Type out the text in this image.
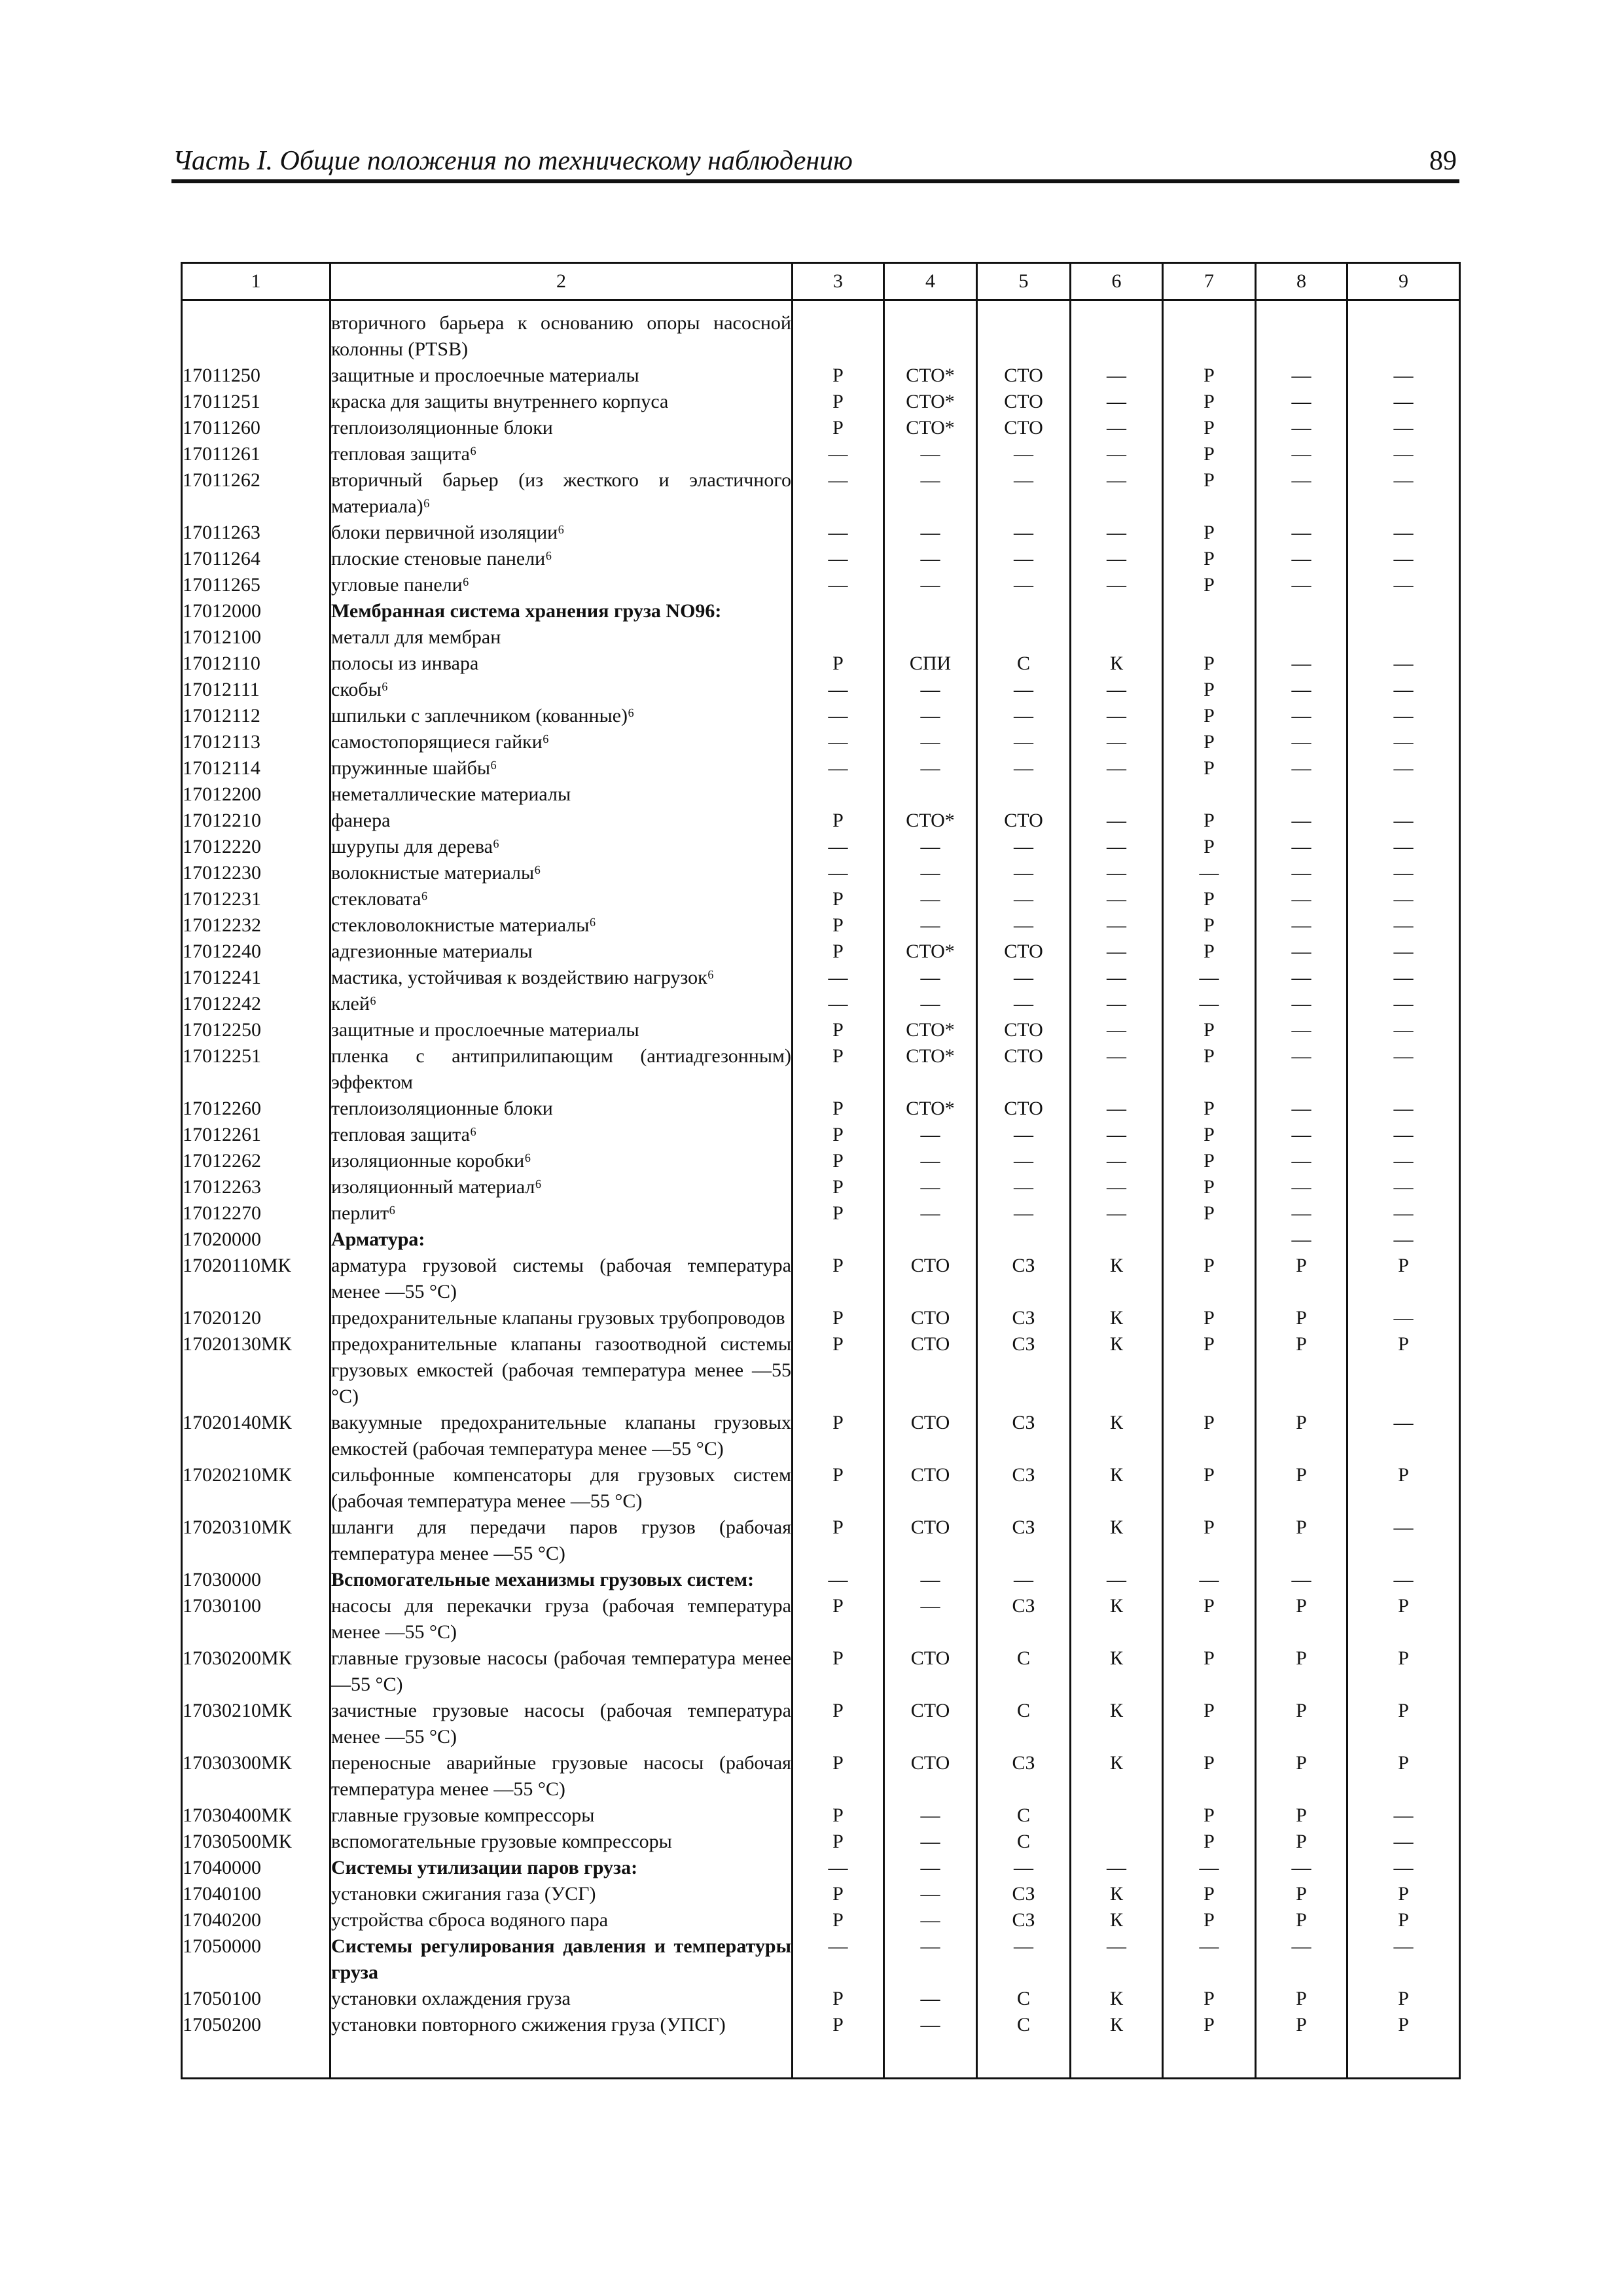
Часть I. Общие положения по техническому наблюдению	89
1	2	3	4	5	6	7	8	9

	вторичного барьера к основанию опоры насосной колонны (PTSB)							
17011250	защитные и прослоечные материалы	Р	СТО*	СТО	—	Р	—	—
17011251	краска для защиты внутреннего корпуса	Р	СТО*	СТО	—	Р	—	—
17011260	теплоизоляционные блоки	Р	СТО*	СТО	—	Р	—	—
17011261	тепловая защита⁶	—	—	—	—	Р	—	—
17011262	вторичный барьер (из жесткого и эластичного материала)⁶	—	—	—	—	Р	—	—
17011263	блоки первичной изоляции⁶	—	—	—	—	Р	—	—
17011264	плоские стеновые панели⁶	—	—	—	—	Р	—	—
17011265	угловые панели⁶	—	—	—	—	Р	—	—
17012000	Мембранная система хранения груза NO96:							
17012100	металл для мембран							
17012110	полосы из инвара	Р	СПИ	С	К	Р	—	—
17012111	скобы⁶	—	—	—	—	Р	—	—
17012112	шпильки с заплечником (кованные)⁶	—	—	—	—	Р	—	—
17012113	самостопорящиеся гайки⁶	—	—	—	—	Р	—	—
17012114	пружинные шайбы⁶	—	—	—	—	Р	—	—
17012200	неметаллические материалы							
17012210	фанера	Р	СТО*	СТО	—	Р	—	—
17012220	шурупы для дерева⁶	—	—	—	—	Р	—	—
17012230	волокнистые материалы⁶	—	—	—	—	—	—	—
17012231	стекловата⁶	Р	—	—	—	Р	—	—
17012232	стекловолокнистые материалы⁶	Р	—	—	—	Р	—	—
17012240	адгезионные материалы	Р	СТО*	СТО	—	Р	—	—
17012241	мастика, устойчивая к воздействию нагрузок⁶	—	—	—	—	—	—	—
17012242	клей⁶	—	—	—	—	—	—	—
17012250	защитные и прослоечные материалы	Р	СТО*	СТО	—	Р	—	—
17012251	пленка с антиприлипающим (антиадгезонным) эффектом	Р	СТО*	СТО	—	Р	—	—
17012260	теплоизоляционные блоки	Р	СТО*	СТО	—	Р	—	—
17012261	тепловая защита⁶	Р	—	—	—	Р	—	—
17012262	изоляционные коробки⁶	Р	—	—	—	Р	—	—
17012263	изоляционный материал⁶	Р	—	—	—	Р	—	—
17012270	перлит⁶	Р	—	—	—	Р	—	—
17020000	Арматура:						—	—
17020110МК	арматура грузовой системы (рабочая температура менее —55 °С)	Р	СТО	СЗ	К	Р	Р	Р
17020120	предохранительные клапаны грузовых трубопроводов	Р	СТО	СЗ	К	Р	Р	—
17020130МК	предохранительные клапаны газоотводной системы грузовых емкостей (рабочая температура менее —55 °С)	Р	СТО	СЗ	К	Р	Р	Р
17020140МК	вакуумные предохранительные клапаны грузовых емкостей (рабочая температура менее —55 °С)	Р	СТО	СЗ	К	Р	Р	—
17020210МК	сильфонные компенсаторы для грузовых систем (рабочая температура менее —55 °С)	Р	СТО	СЗ	К	Р	Р	Р
17020310МК	шланги для передачи паров грузов (рабочая температура менее —55 °С)	Р	СТО	СЗ	К	Р	Р	—
17030000	Вспомогательные механизмы грузовых систем:	—	—	—	—	—	—	—
17030100	насосы для перекачки груза (рабочая температура менее —55 °С)	Р	—	СЗ	К	Р	Р	Р
17030200МК	главные грузовые насосы (рабочая температура менее —55 °С)	Р	СТО	С	К	Р	Р	Р
17030210МК	зачистные грузовые насосы (рабочая температура менее —55 °С)	Р	СТО	С	К	Р	Р	Р
17030300МК	переносные аварийные грузовые насосы (рабочая температура менее —55 °С)	Р	СТО	СЗ	К	Р	Р	Р
17030400МК	главные грузовые компрессоры	Р	—	С		Р	Р	—
17030500МК	вспомогательные грузовые компрессоры	Р	—	С		Р	Р	—
17040000	Системы утилизации паров груза:	—	—	—	—	—	—	—
17040100	установки сжигания газа (УСГ)	Р	—	СЗ	К	Р	Р	Р
17040200	устройства сброса водяного пара	Р	—	СЗ	К	Р	Р	Р
17050000	Системы регулирования давления и температуры груза	—	—	—	—	—	—	—
17050100	установки охлаждения груза	Р	—	С	К	Р	Р	Р
17050200	установки повторного сжижения груза (УПСГ)	Р	—	С	К	Р	Р	Р
